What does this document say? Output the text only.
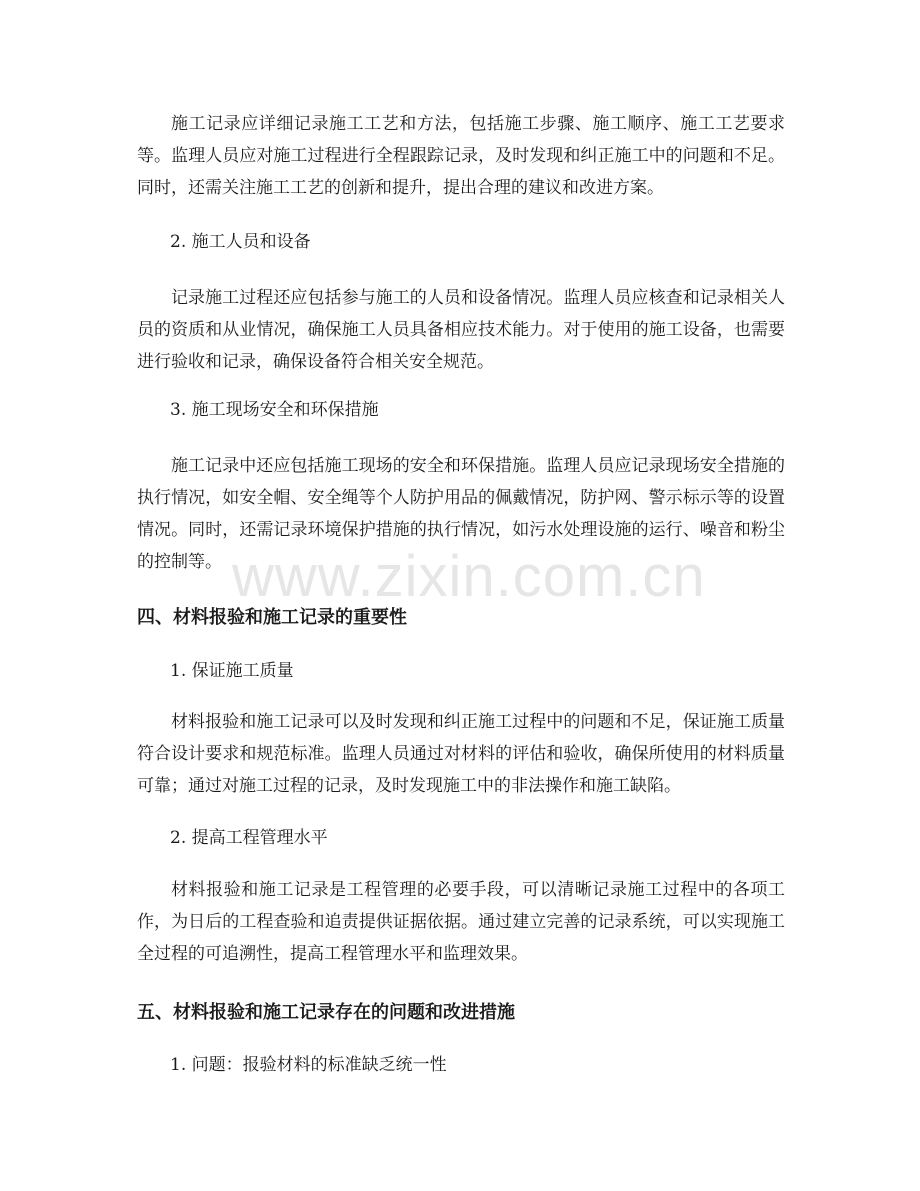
施工记录应详细记录施工工艺和方法，包括施工步骤、施工顺序、施工工艺要求等。监理人员应对施工过程进行全程跟踪记录，及时发现和纠正施工中的问题和不足。同时，还需关注施工工艺的创新和提升，提出合理的建议和改进方案。

2. 施工人员和设备

记录施工过程还应包括参与施工的人员和设备情况。监理人员应核查和记录相关人员的资质和从业情况，确保施工人员具备相应技术能力。对于使用的施工设备，也需要进行验收和记录，确保设备符合相关安全规范。

3. 施工现场安全和环保措施

施工记录中还应包括施工现场的安全和环保措施。监理人员应记录现场安全措施的执行情况，如安全帽、安全绳等个人防护用品的佩戴情况，防护网、警示标示等的设置情况。同时，还需记录环境保护措施的执行情况，如污水处理设施的运行、噪音和粉尘的控制等。

四、材料报验和施工记录的重要性

1. 保证施工质量

材料报验和施工记录可以及时发现和纠正施工过程中的问题和不足，保证施工质量符合设计要求和规范标准。监理人员通过对材料的评估和验收，确保所使用的材料质量可靠；通过对施工过程的记录，及时发现施工中的非法操作和施工缺陷。

2. 提高工程管理水平

材料报验和施工记录是工程管理的必要手段，可以清晰记录施工过程中的各项工作，为日后的工程查验和追责提供证据依据。通过建立完善的记录系统，可以实现施工全过程的可追溯性，提高工程管理水平和监理效果。

五、材料报验和施工记录存在的问题和改进措施

1. 问题：报验材料的标准缺乏统一性

www.zixin.com.cn
